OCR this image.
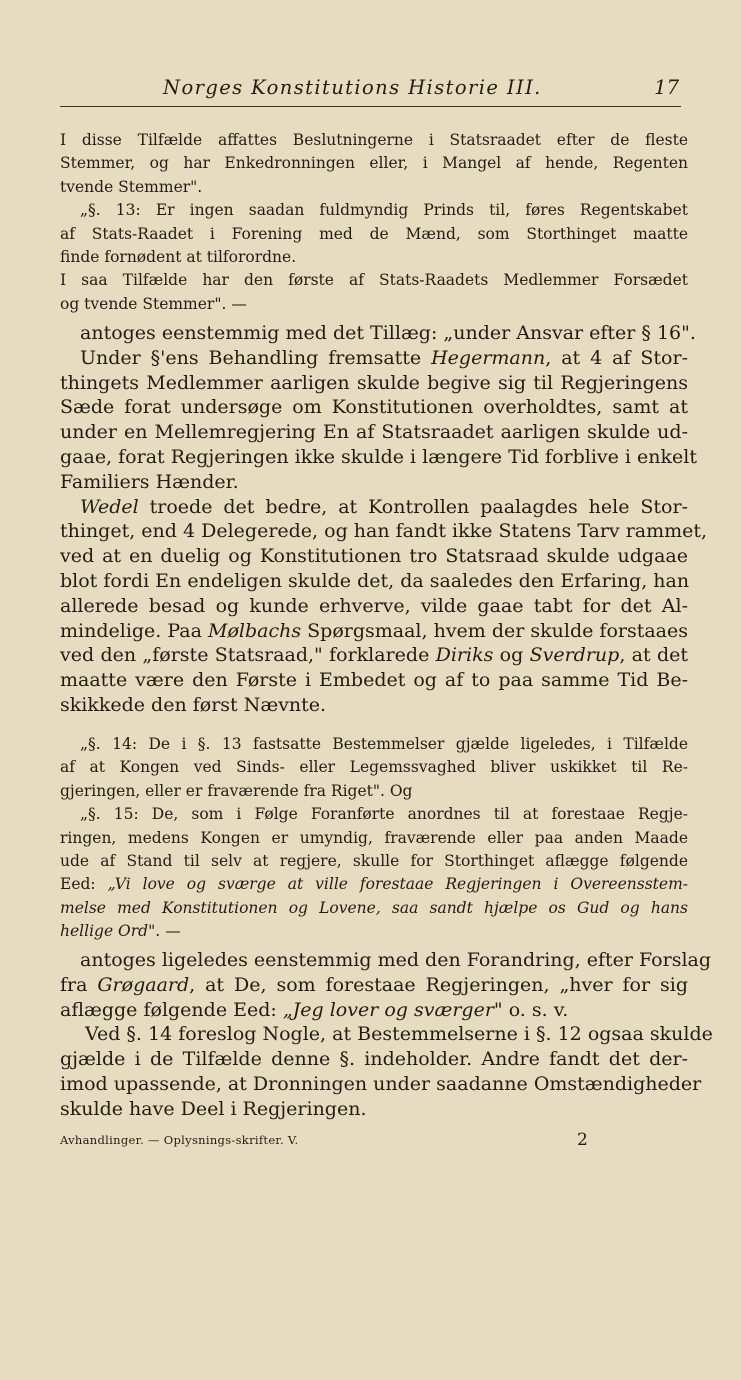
Norges Konstitutions Historie III.	17
I disse Tilfælde affattes Beslutningerne i Statsraadet efter de fleste
Stemmer, og har Enkedronningen eller, i Mangel af hende, Regenten
tvende Stemmer".
„§. 13: Er ingen saadan fuldmyndig Prinds til, føres Regentskabet
af Stats-Raadet i Forening med de Mænd, som Storthinget maatte
finde fornødent at tilforordne.
I saa Tilfælde har den første af Stats-Raadets Medlemmer Forsædet
og tvende Stemmer". —
antoges eenstemmig med det Tillæg: „under Ansvar efter § 16".
Under §'ens Behandling fremsatte Hegermann, at 4 af Stor-
thingets Medlemmer aarligen skulde begive sig til Regjeringens
Sæde forat undersøge om Konstitutionen overholdtes, samt at
under en Mellemregjering En af Statsraadet aarligen skulde ud-
gaae, forat Regjeringen ikke skulde i længere Tid forblive i enkelt
Familiers Hænder.
Wedel troede det bedre, at Kontrollen paalagdes hele Stor-
thinget, end 4 Delegerede, og han fandt ikke Statens Tarv rammet,
ved at en duelig og Konstitutionen tro Statsraad skulde udgaae
blot fordi En endeligen skulde det, da saaledes den Erfaring, han
allerede besad og kunde erhverve, vilde gaae tabt for det Al-
mindelige. Paa Mølbachs Spørgsmaal, hvem der skulde forstaaes
ved den „første Statsraad," forklarede Diriks og Sverdrup, at det
maatte være den Første i Embedet og af to paa samme Tid Be-
skikkede den først Nævnte.
„§. 14: De i §. 13 fastsatte Bestemmelser gjælde ligeledes, i Tilfælde
af at Kongen ved Sinds- eller Legemssvaghed bliver uskikket til Re-
gjeringen, eller er fraværende fra Riget". Og
„§. 15: De, som i Følge Foranførte anordnes til at forestaae Regje-
ringen, medens Kongen er umyndig, fraværende eller paa anden Maade
ude af Stand til selv at regjere, skulle for Storthinget aflægge følgende
Eed: „Vi love og sværge at ville forestaae Regjeringen i Overeensstem-
melse med Konstitutionen og Lovene, saa sandt hjælpe os Gud og hans
hellige Ord". —
antoges ligeledes eenstemmig med den Forandring, efter Forslag
fra Grøgaard, at De, som forestaae Regjeringen, „hver for sig
aflægge følgende Eed: „Jeg lover og sværger" o. s. v.
Ved §. 14 foreslog Nogle, at Bestemmelserne i §. 12 ogsaa skulde
gjælde i de Tilfælde denne §. indeholder. Andre fandt det der-
imod upassende, at Dronningen under saadanne Omstændigheder
skulde have Deel i Regjeringen.
Avhandlinger. — Oplysnings-skrifter. V.	2
